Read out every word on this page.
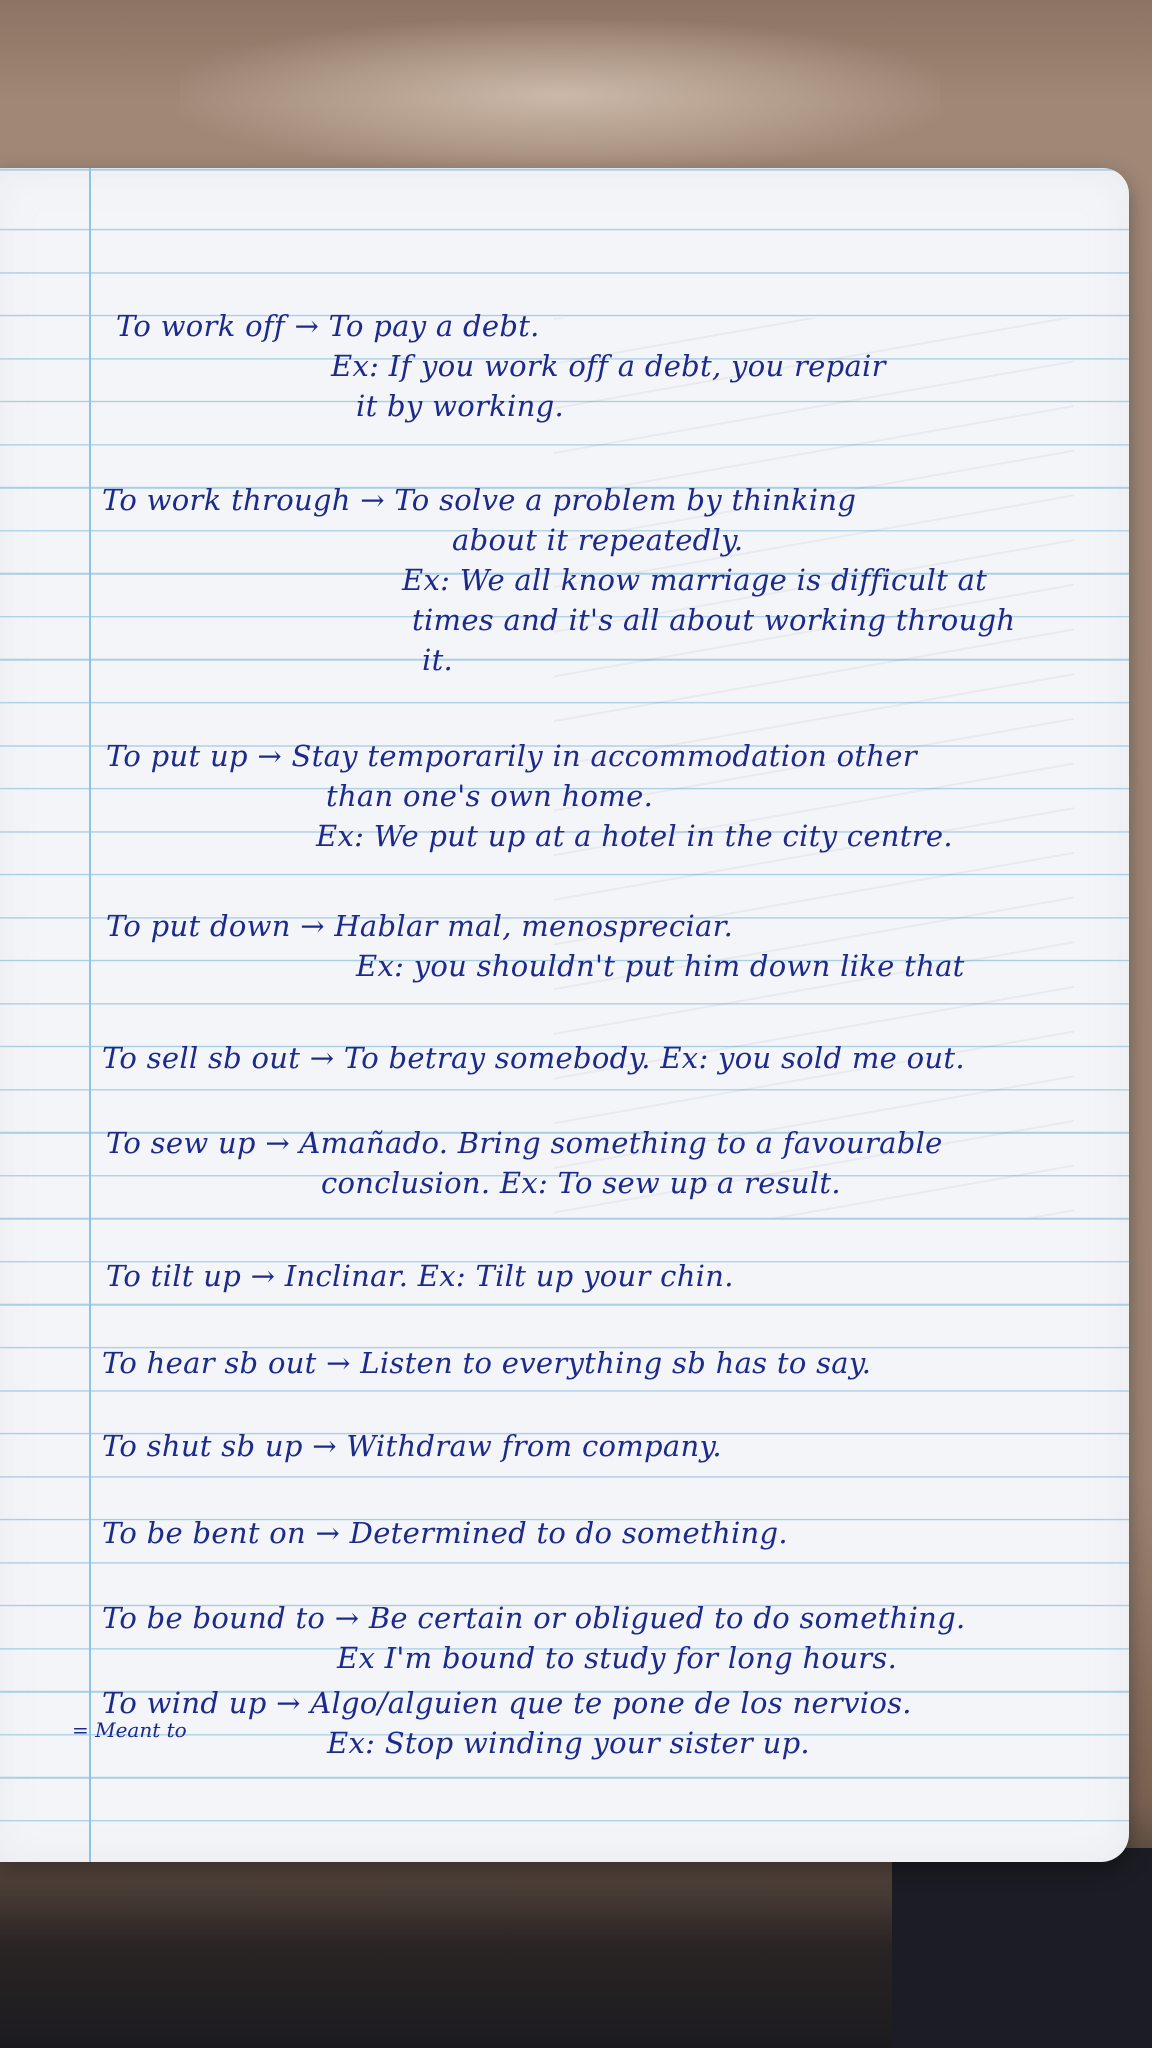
To work off → To pay a debt.
Ex: If you work off a debt, you repair
it by working.

To work through → To solve a problem by thinking
about it repeatedly.
Ex: We all know marriage is difficult at
times and it's all about working through
it.

To put up → Stay temporarily in accommodation other
than one's own home.
Ex: We put up at a hotel in the city centre.

To put down → Hablar mal, menospreciar.
Ex: you shouldn't put him down like that

To sell sb out → To betray somebody. Ex: you sold me out.

To sew up → Amañado. Bring something to a favourable
conclusion. Ex: To sew up a result.

To tilt up → Inclinar. Ex: Tilt up your chin.

To hear sb out → Listen to everything sb has to say.

To shut sb up → Withdraw from company.

To be bent on → Determined to do something.

To be bound to → Be certain or obligued to do something.
Ex I'm bound to study for long hours.

To wind up → Algo/alguien que te pone de los nervios.
Ex: Stop winding your sister up.

= Meant to
